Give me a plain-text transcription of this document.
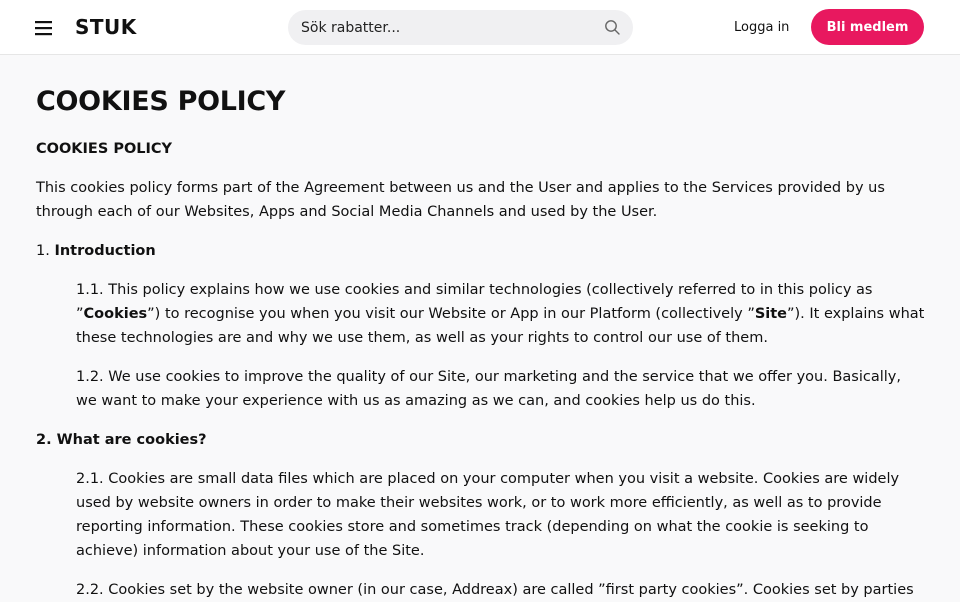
STUK
Sök rabatter...	Logga in	Bli medlem
COOKIES POLICY

COOKIES POLICY

This cookies policy forms part of the Agreement between us and the User and applies to the Services provided by us through each of our Websites, Apps and Social Media Channels and used by the User.

1. Introduction

1.1. This policy explains how we use cookies and similar technologies (collectively referred to in this policy as ”Cookies”) to recognise you when you visit our Website or App in our Platform (collectively ”Site”). It explains what these technologies are and why we use them, as well as your rights to control our use of them.

1.2. We use cookies to improve the quality of our Site, our marketing and the service that we offer you. Basically, we want to make your experience with us as amazing as we can, and cookies help us do this.

2. What are cookies?

2.1. Cookies are small data files which are placed on your computer when you visit a website. Cookies are widely used by website owners in order to make their websites work, or to work more efficiently, as well as to provide reporting information. These cookies store and sometimes track (depending on what the cookie is seeking to achieve) information about your use of the Site.

2.2. Cookies set by the website owner (in our case, Addreax) are called ”first party cookies”. Cookies set by parties
